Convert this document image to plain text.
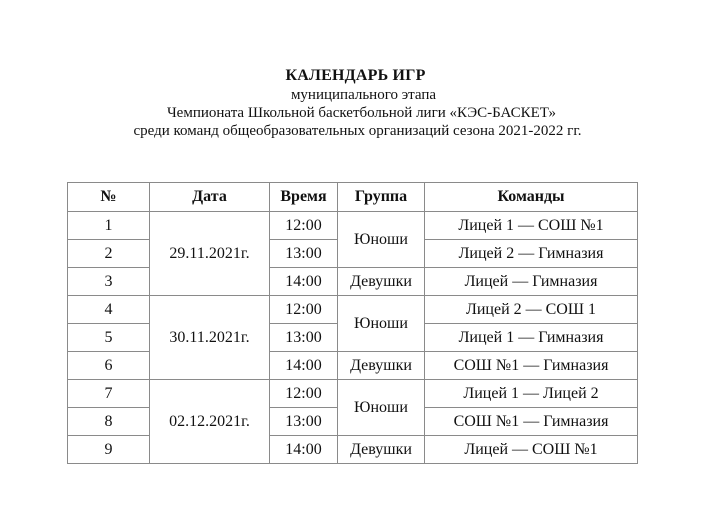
КАЛЕНДАРЬ ИГР
муниципального этапа
Чемпионата Школьной баскетбольной лиги «КЭС-БАСКЕТ»
среди команд общеобразовательных организаций сезона 2021-2022 гг.
№	Дата	Время	Группа	Команды
1	29.11.2021г.	12:00	Юноши	Лицей 1 — СОШ №1
2		13:00		Лицей 2 — Гимназия
3		14:00	Девушки	Лицей — Гимназия
4	30.11.2021г.	12:00	Юноши	Лицей 2 — СОШ 1
5		13:00		Лицей 1 — Гимназия
6		14:00	Девушки	СОШ №1 — Гимназия
7	02.12.2021г.	12:00	Юноши	Лицей 1 — Лицей 2
8		13:00		СОШ №1 — Гимназия
9		14:00	Девушки	Лицей — СОШ №1
